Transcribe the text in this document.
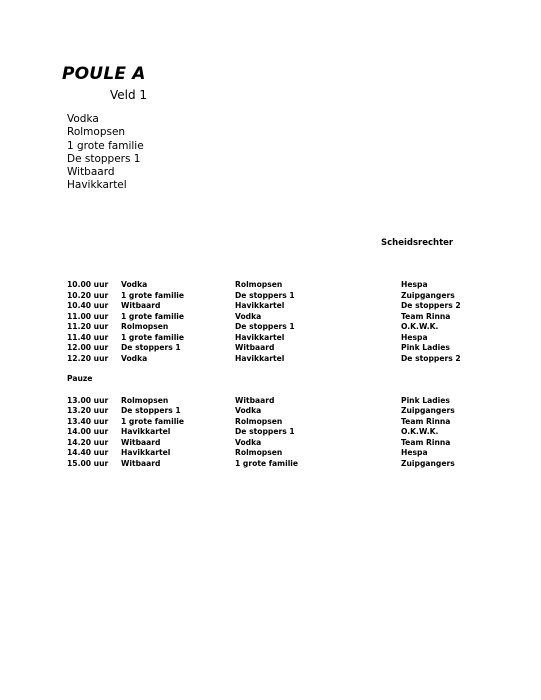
POULE A
Veld 1
Vodka
Rolmopsen
1 grote familie
De stoppers 1
Witbaard
Havikkartel
Scheidsrechter
10.00 uur Vodka	Rolmopsen	Hespa
10.20 uur 1 grote familie	De stoppers 1	Zuipgangers
10.40 uur Witbaard	Havikkartel	De stoppers 2
11.00 uur 1 grote familie	Vodka	Team Rinna
11.20 uur Rolmopsen	De stoppers 1	O.K.W.K.
11.40 uur 1 grote familie	Havikkartel	Hespa
12.00 uur De stoppers 1	Witbaard	Pink Ladies
12.20 uur Vodka	Havikkartel	De stoppers 2
Pauze
13.00 uur Rolmopsen	Witbaard	Pink Ladies
13.20 uur De stoppers 1	Vodka	Zuipgangers
13.40 uur 1 grote familie	Rolmopsen	Team Rinna
14.00 uur Havikkartel	De stoppers 1	O.K.W.K.
14.20 uur Witbaard	Vodka	Team Rinna
14.40 uur Havikkartel	Rolmopsen	Hespa
15.00 uur Witbaard	1 grote familie	Zuipgangers
